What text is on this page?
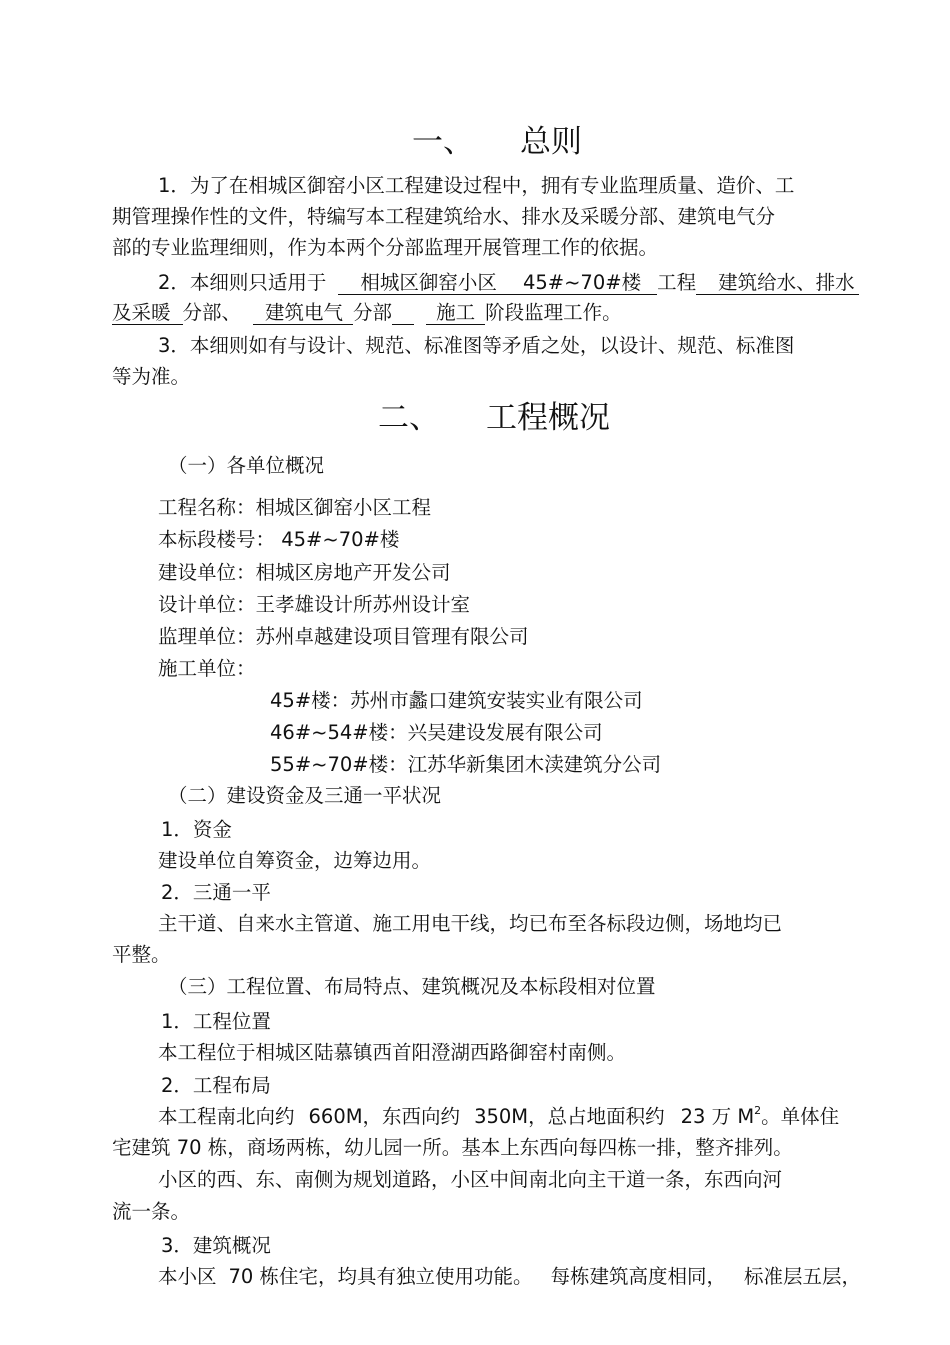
一、 总则
1．为了在相城区御窑小区工程建设过程中，拥有专业监理质量、造价、工
期管理操作性的文件，特编写本工程建筑给水、排水及采暖分部、建筑电气分
部的专业监理细则，作为本两个分部监理开展管理工作的依据。
2．本细则只适用于 相城区御窑小区 45#~70#楼 工程 建筑给水、排水
及采暖 分部、 建筑电气 分部 施工 阶段监理工作。
3．本细则如有与设计、规范、标准图等矛盾之处，以设计、规范、标准图
等为准。
二、 工程概况
（一）各单位概况
工程名称：相城区御窑小区工程
本标段楼号： 45#~70#楼
建设单位：相城区房地产开发公司
设计单位：王孝雄设计所苏州设计室
监理单位：苏州卓越建设项目管理有限公司
施工单位：
45#楼：苏州市蠡口建筑安装实业有限公司
46#~54#楼：兴吴建设发展有限公司
55#~70#楼：江苏华新集团木渎建筑分公司
（二）建设资金及三通一平状况
1．资金
建设单位自筹资金，边筹边用。
2．三通一平
主干道、自来水主管道、施工用电干线，均已布至各标段边侧，场地均已
平整。
（三）工程位置、布局特点、建筑概况及本标段相对位置
1．工程位置
本工程位于相城区陆慕镇西首阳澄湖西路御窑村南侧。
2．工程布局
本工程南北向约 660M，东西向约 350M，总占地面积约 23 万 $M^2$。单体住
宅建筑 70 栋，商场两栋，幼儿园一所。基本上东西向每四栋一排，整齐排列。
小区的西、东、南侧为规划道路，小区中间南北向主干道一条，东西向河
流一条。
3．建筑概况
本小区 70 栋住宅，均具有独立使用功能。 每栋建筑高度相同， 标准层五层，
